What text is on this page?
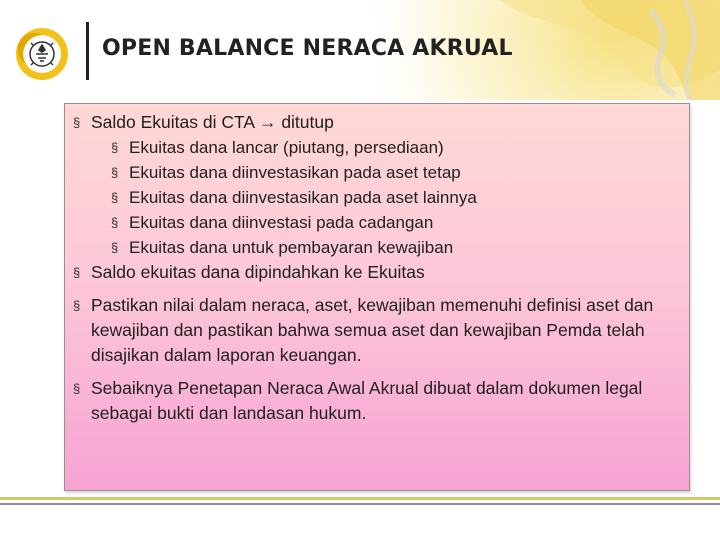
OPEN BALANCE NERACA AKRUAL
§ Saldo Ekuitas di CTA → ditutup
§ Ekuitas dana lancar (piutang, persediaan)
§ Ekuitas dana diinvestasikan pada aset tetap
§ Ekuitas dana diinvestasikan pada aset lainnya
§ Ekuitas dana diinvestasi pada cadangan
§ Ekuitas dana untuk pembayaran kewajiban
§ Saldo ekuitas dana dipindahkan ke Ekuitas
§ Pastikan nilai dalam neraca, aset, kewajiban memenuhi definisi aset dan kewajiban dan pastikan bahwa semua aset dan kewajiban Pemda telah disajikan dalam laporan keuangan.
§ Sebaiknya Penetapan Neraca Awal Akrual dibuat dalam dokumen legal sebagai bukti dan landasan hukum.
